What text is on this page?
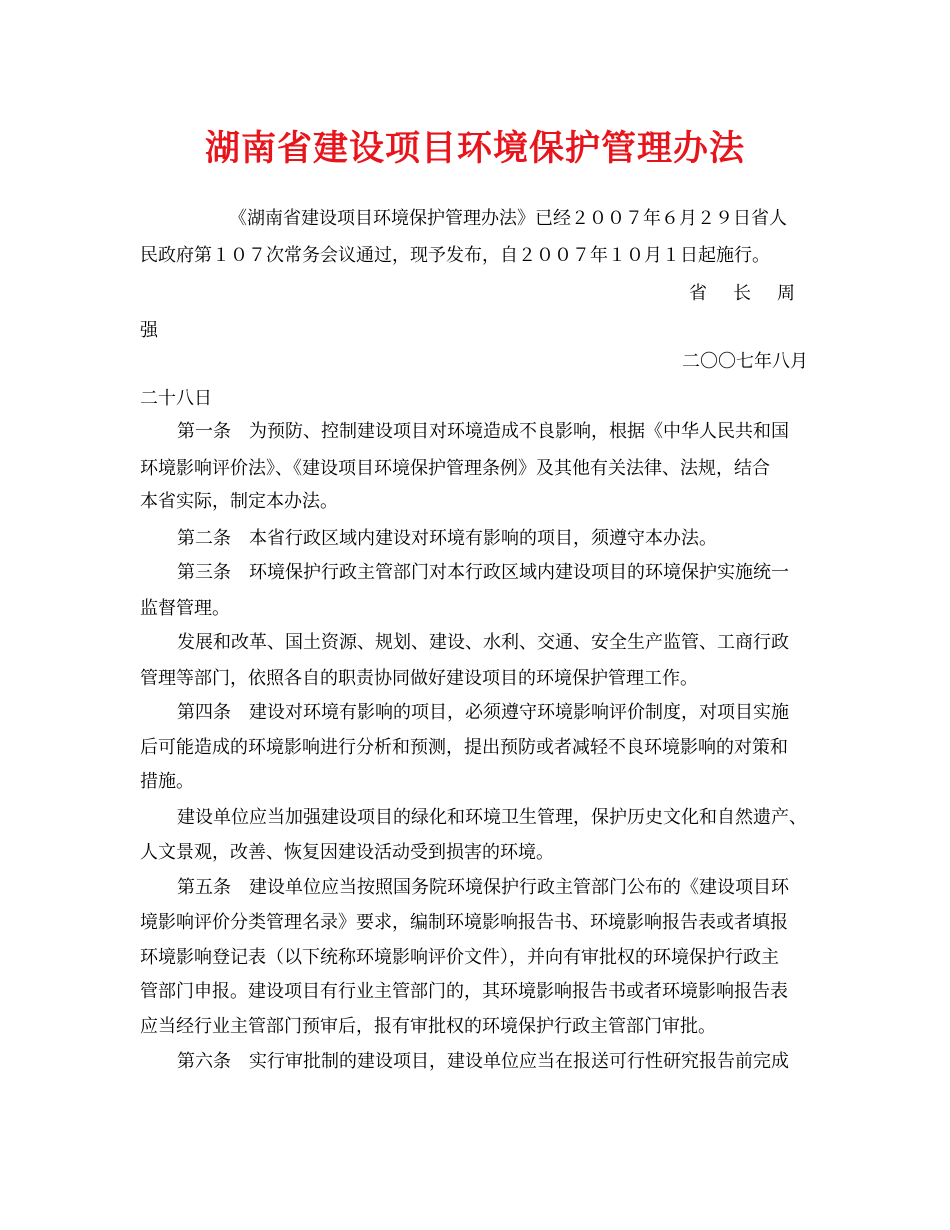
湖南省建设项目环境保护管理办法
《湖南省建设项目环境保护管理办法》已经２００７年６月２９日省人
民政府第１０７次常务会议通过，现予发布，自２００７年１０月１日起施行。
省 长 周
强
二〇〇七年八月
二十八日
第一条　为预防、控制建设项目对环境造成不良影响，根据《中华人民共和国
环境影响评价法》、《建设项目环境保护管理条例》及其他有关法律、法规，结合
本省实际，制定本办法。
第二条　本省行政区域内建设对环境有影响的项目，须遵守本办法。
第三条　环境保护行政主管部门对本行政区域内建设项目的环境保护实施统一
监督管理。
发展和改革、国土资源、规划、建设、水利、交通、安全生产监管、工商行政
管理等部门，依照各自的职责协同做好建设项目的环境保护管理工作。
第四条　建设对环境有影响的项目，必须遵守环境影响评价制度，对项目实施
后可能造成的环境影响进行分析和预测，提出预防或者减轻不良环境影响的对策和
措施。
建设单位应当加强建设项目的绿化和环境卫生管理，保护历史文化和自然遗产、
人文景观，改善、恢复因建设活动受到损害的环境。
第五条　建设单位应当按照国务院环境保护行政主管部门公布的《建设项目环
境影响评价分类管理名录》要求，编制环境影响报告书、环境影响报告表或者填报
环境影响登记表（以下统称环境影响评价文件），并向有审批权的环境保护行政主
管部门申报。建设项目有行业主管部门的，其环境影响报告书或者环境影响报告表
应当经行业主管部门预审后，报有审批权的环境保护行政主管部门审批。
第六条　实行审批制的建设项目，建设单位应当在报送可行性研究报告前完成
